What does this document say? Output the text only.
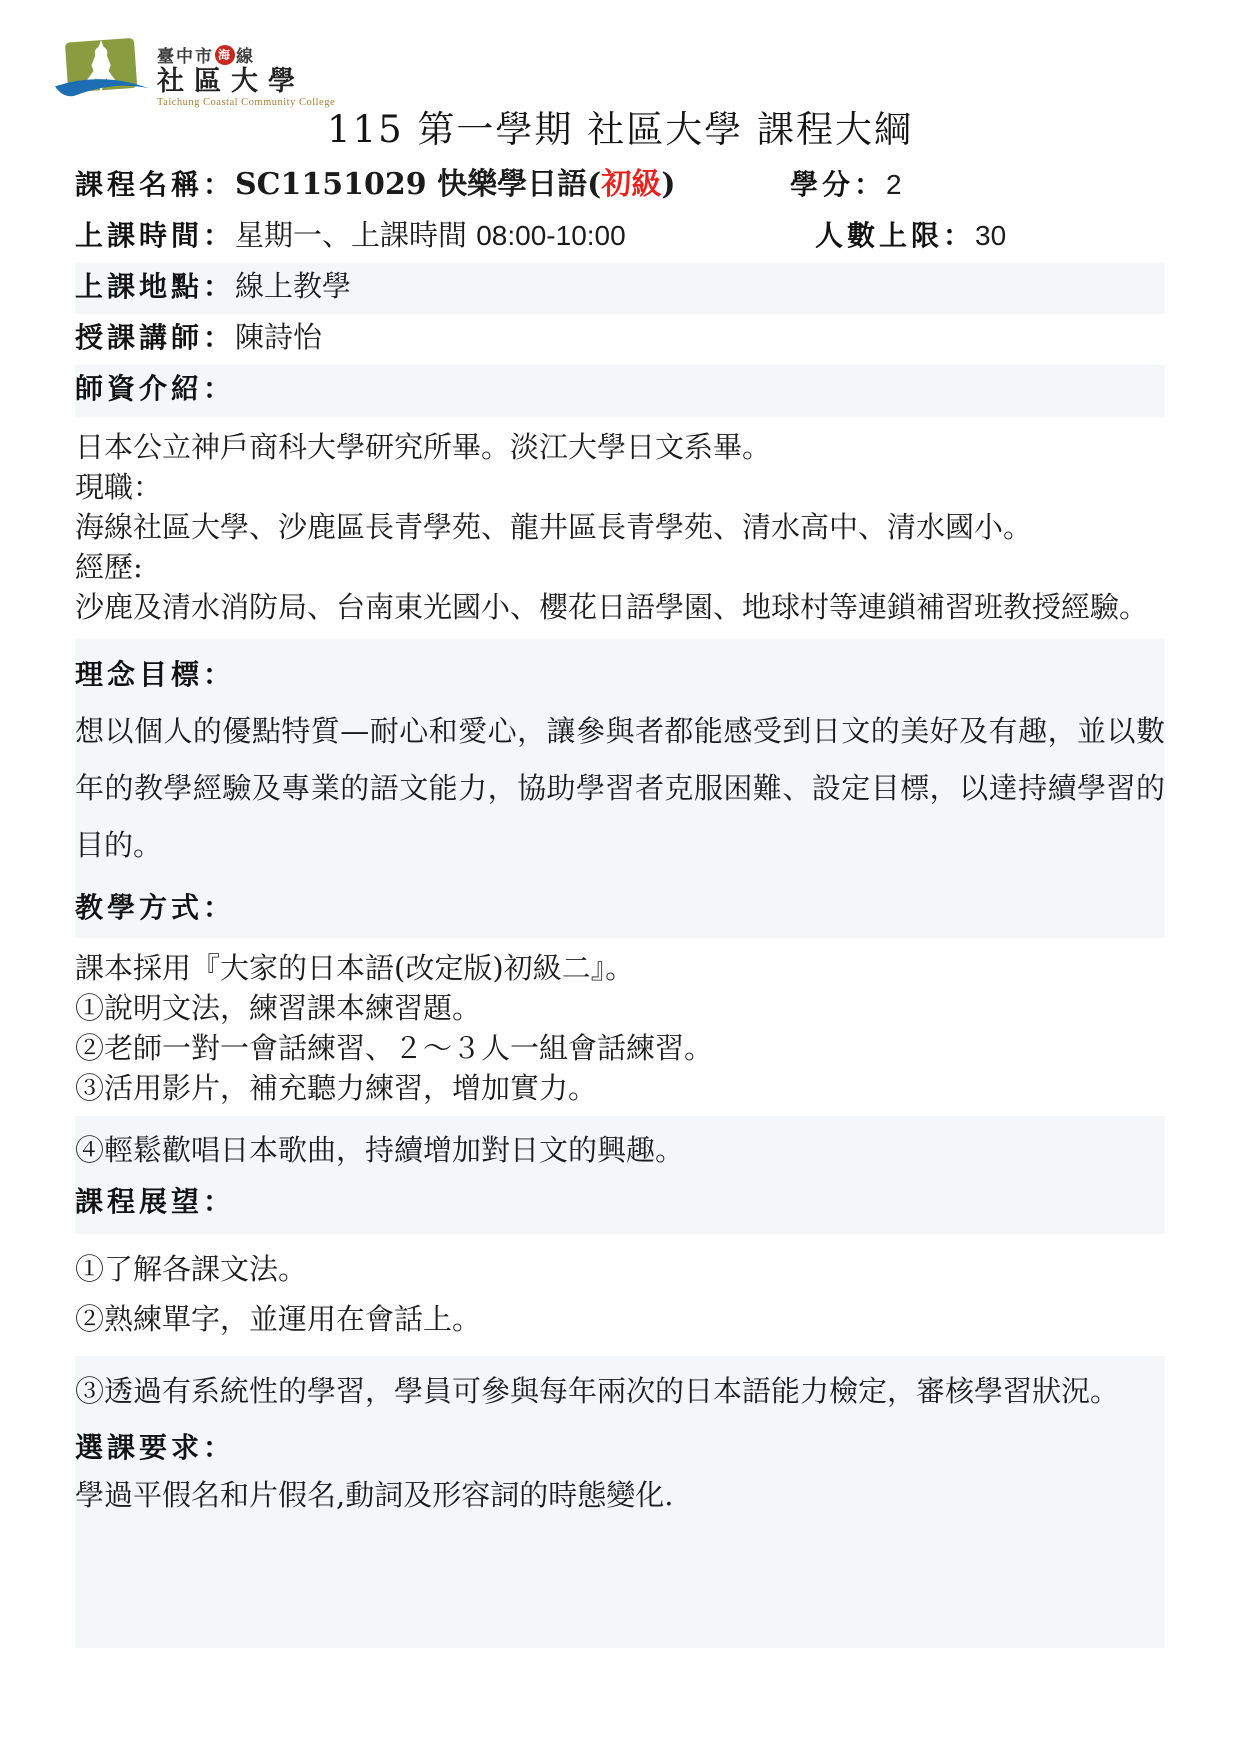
臺中市 海 線
社區大學
Taichung Coastal Community College
115 第一學期 社區大學 課程大綱
課程名稱：SC1151029 快樂學日語(初級)	學分：2
上課時間：星期一、上課時間 08:00-10:00	人數上限：30
上課地點：線上教學
授課講師：陳詩怡
師資介紹：
日本公立神戶商科大學研究所畢。淡江大學日文系畢。
現職：
海線社區大學、沙鹿區長青學苑、龍井區長青學苑、清水高中、清水國小。
經歷:
沙鹿及清水消防局、台南東光國小、櫻花日語學園、地球村等連鎖補習班教授經驗。
理念目標：
想以個人的優點特質—耐心和愛心，讓參與者都能感受到日文的美好及有趣，並以數年的教學經驗及專業的語文能力，協助學習者克服困難、設定目標，以達持續學習的目的。
教學方式：
課本採用『大家的日本語(改定版)初級二』。
①說明文法，練習課本練習題。
②老師一對一會話練習、２～３人一組會話練習。
③活用影片，補充聽力練習，增加實力。
④輕鬆歡唱日本歌曲，持續增加對日文的興趣。
課程展望：
①了解各課文法。
②熟練單字，並運用在會話上。
③透過有系統性的學習，學員可參與每年兩次的日本語能力檢定，審核學習狀況。
選課要求：
學過平假名和片假名,動詞及形容詞的時態變化.
